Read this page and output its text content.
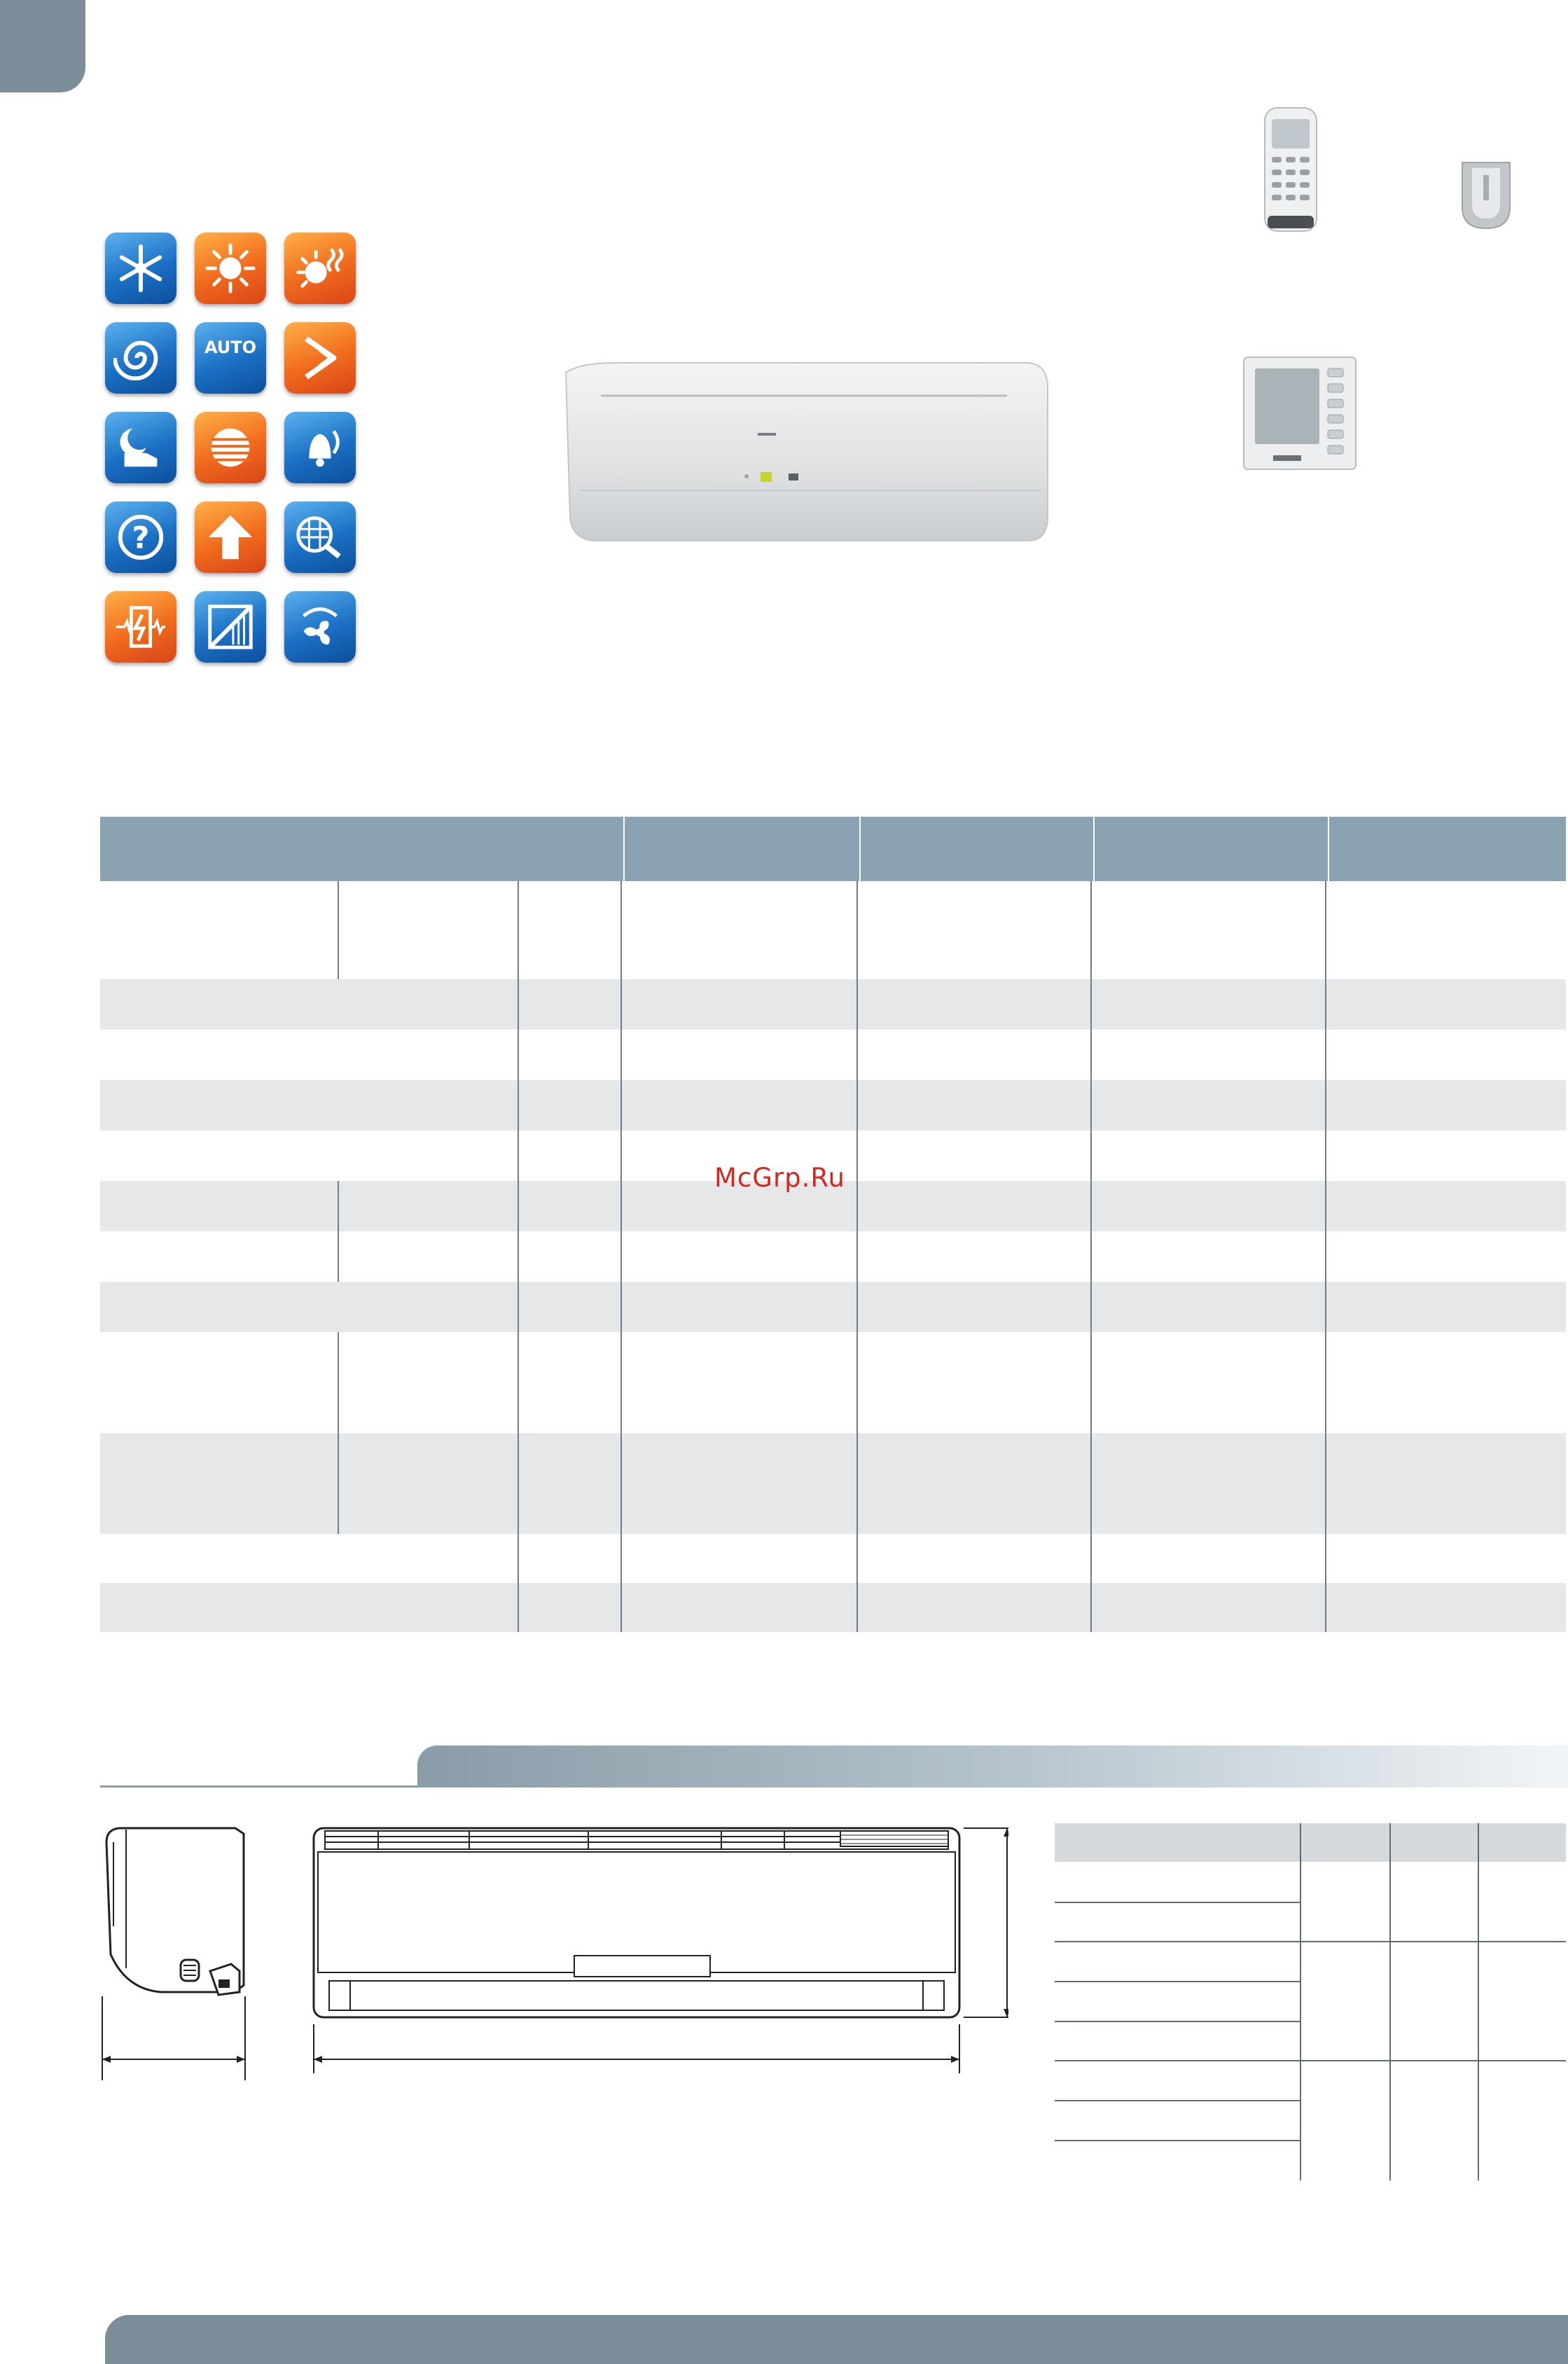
AUTO
?
McGrp.Ru
